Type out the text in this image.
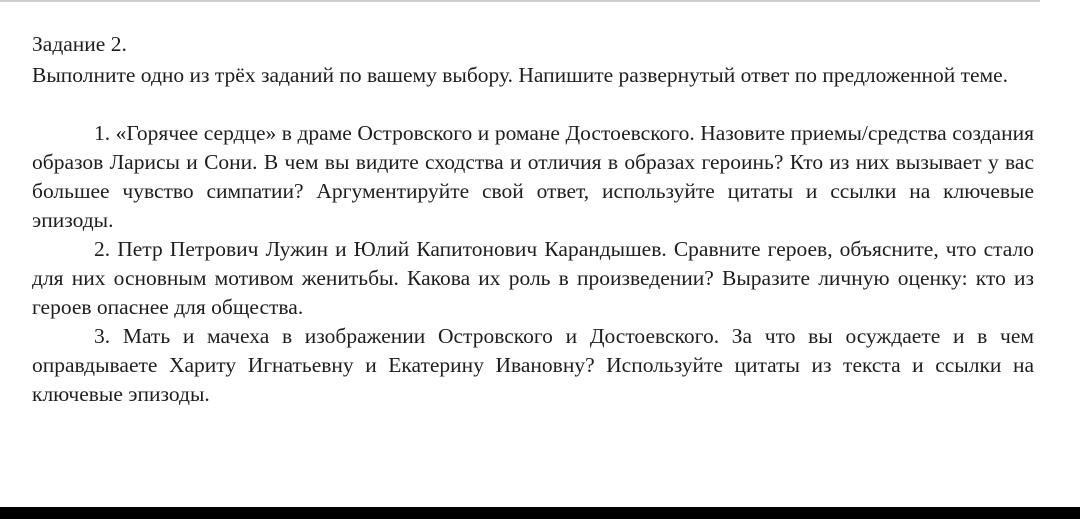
Задание 2.

Выполните одно из трёх заданий по вашему выбору. Напишите развернутый ответ по предложенной теме.

1. «Горячее сердце» в драме Островского и романе Достоевского. Назовите приемы/средства создания образов Ларисы и Сони. В чем вы видите сходства и отличия в образах героинь? Кто из них вызывает у вас большее чувство симпатии? Аргументируйте свой ответ, используйте цитаты и ссылки на ключевые эпизоды.

2. Петр Петрович Лужин и Юлий Капитонович Карандышев. Сравните героев, объясните, что стало для них основным мотивом женитьбы. Какова их роль в произведении? Выразите личную оценку: кто из героев опаснее для общества.

3. Мать и мачеха в изображении Островского и Достоевского. За что вы осуждаете и в чем оправдываете Хариту Игнатьевну и Екатерину Ивановну? Используйте цитаты из текста и ссылки на ключевые эпизоды.
